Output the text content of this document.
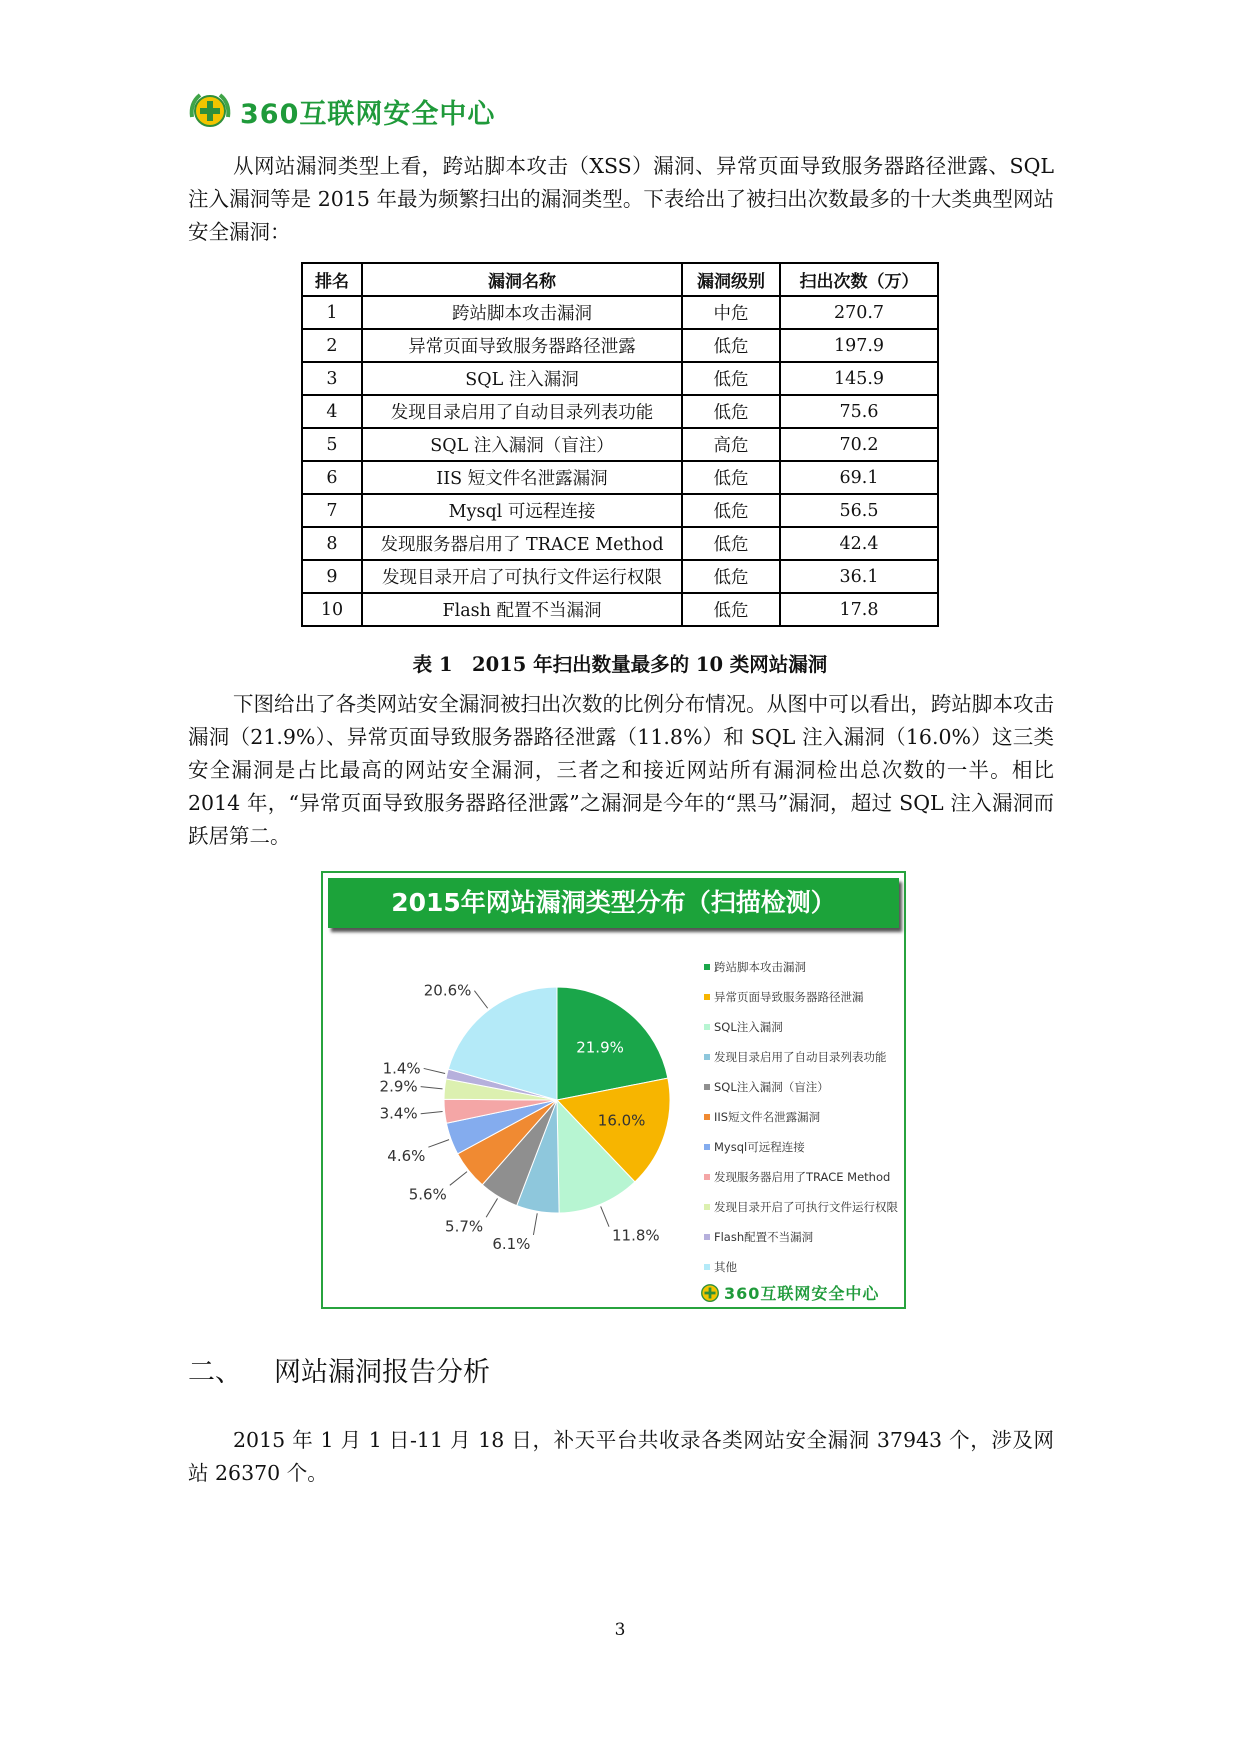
360互联网安全中心
从网站漏洞类型上看，跨站脚本攻击（XSS）漏洞、异常页面导致服务器路径泄露、SQL注入漏洞等是 2015 年最为频繁扫出的漏洞类型。下表给出了被扫出次数最多的十大类典型网站安全漏洞：
排名	漏洞名称	漏洞级别	扫出次数（万）
1	跨站脚本攻击漏洞	中危	270.7
2	异常页面导致服务器路径泄露	低危	197.9
3	SQL 注入漏洞	低危	145.9
4	发现目录启用了自动目录列表功能	低危	75.6
5	SQL 注入漏洞（盲注）	高危	70.2
6	IIS 短文件名泄露漏洞	低危	69.1
7	Mysql 可远程连接	低危	56.5
8	发现服务器启用了 TRACE Method	低危	42.4
9	发现目录开启了可执行文件运行权限	低危	36.1
10	Flash 配置不当漏洞	低危	17.8
表 1　2015 年扫出数量最多的 10 类网站漏洞
下图给出了各类网站安全漏洞被扫出次数的比例分布情况。从图中可以看出，跨站脚本攻击漏洞（21.9%）、异常页面导致服务器路径泄露（11.8%）和 SQL 注入漏洞（16.0%）这三类安全漏洞是占比最高的网站安全漏洞，三者之和接近网站所有漏洞检出总次数的一半。相比 2014 年，“异常页面导致服务器路径泄露”之漏洞是今年的“黑马”漏洞，超过 SQL 注入漏洞而跃居第二。
2015年网站漏洞类型分布（扫描检测）
21.9%
16.0%
11.8%
6.1%
5.7%
5.6%
4.6%
3.4%
2.9%
1.4%
20.6%
跨站脚本攻击漏洞
异常页面导致服务器路径泄漏
SQL注入漏洞
发现目录启用了自动目录列表功能
SQL注入漏洞（盲注）
IIS短文件名泄露漏洞
Mysql可远程连接
发现服务器启用了TRACE Method
发现目录开启了可执行文件运行权限
Flash配置不当漏洞
其他
360互联网安全中心
二、	网站漏洞报告分析
2015 年 1 月 1 日-11 月 18 日，补天平台共收录各类网站安全漏洞 37943 个，涉及网站 26370 个。
3
